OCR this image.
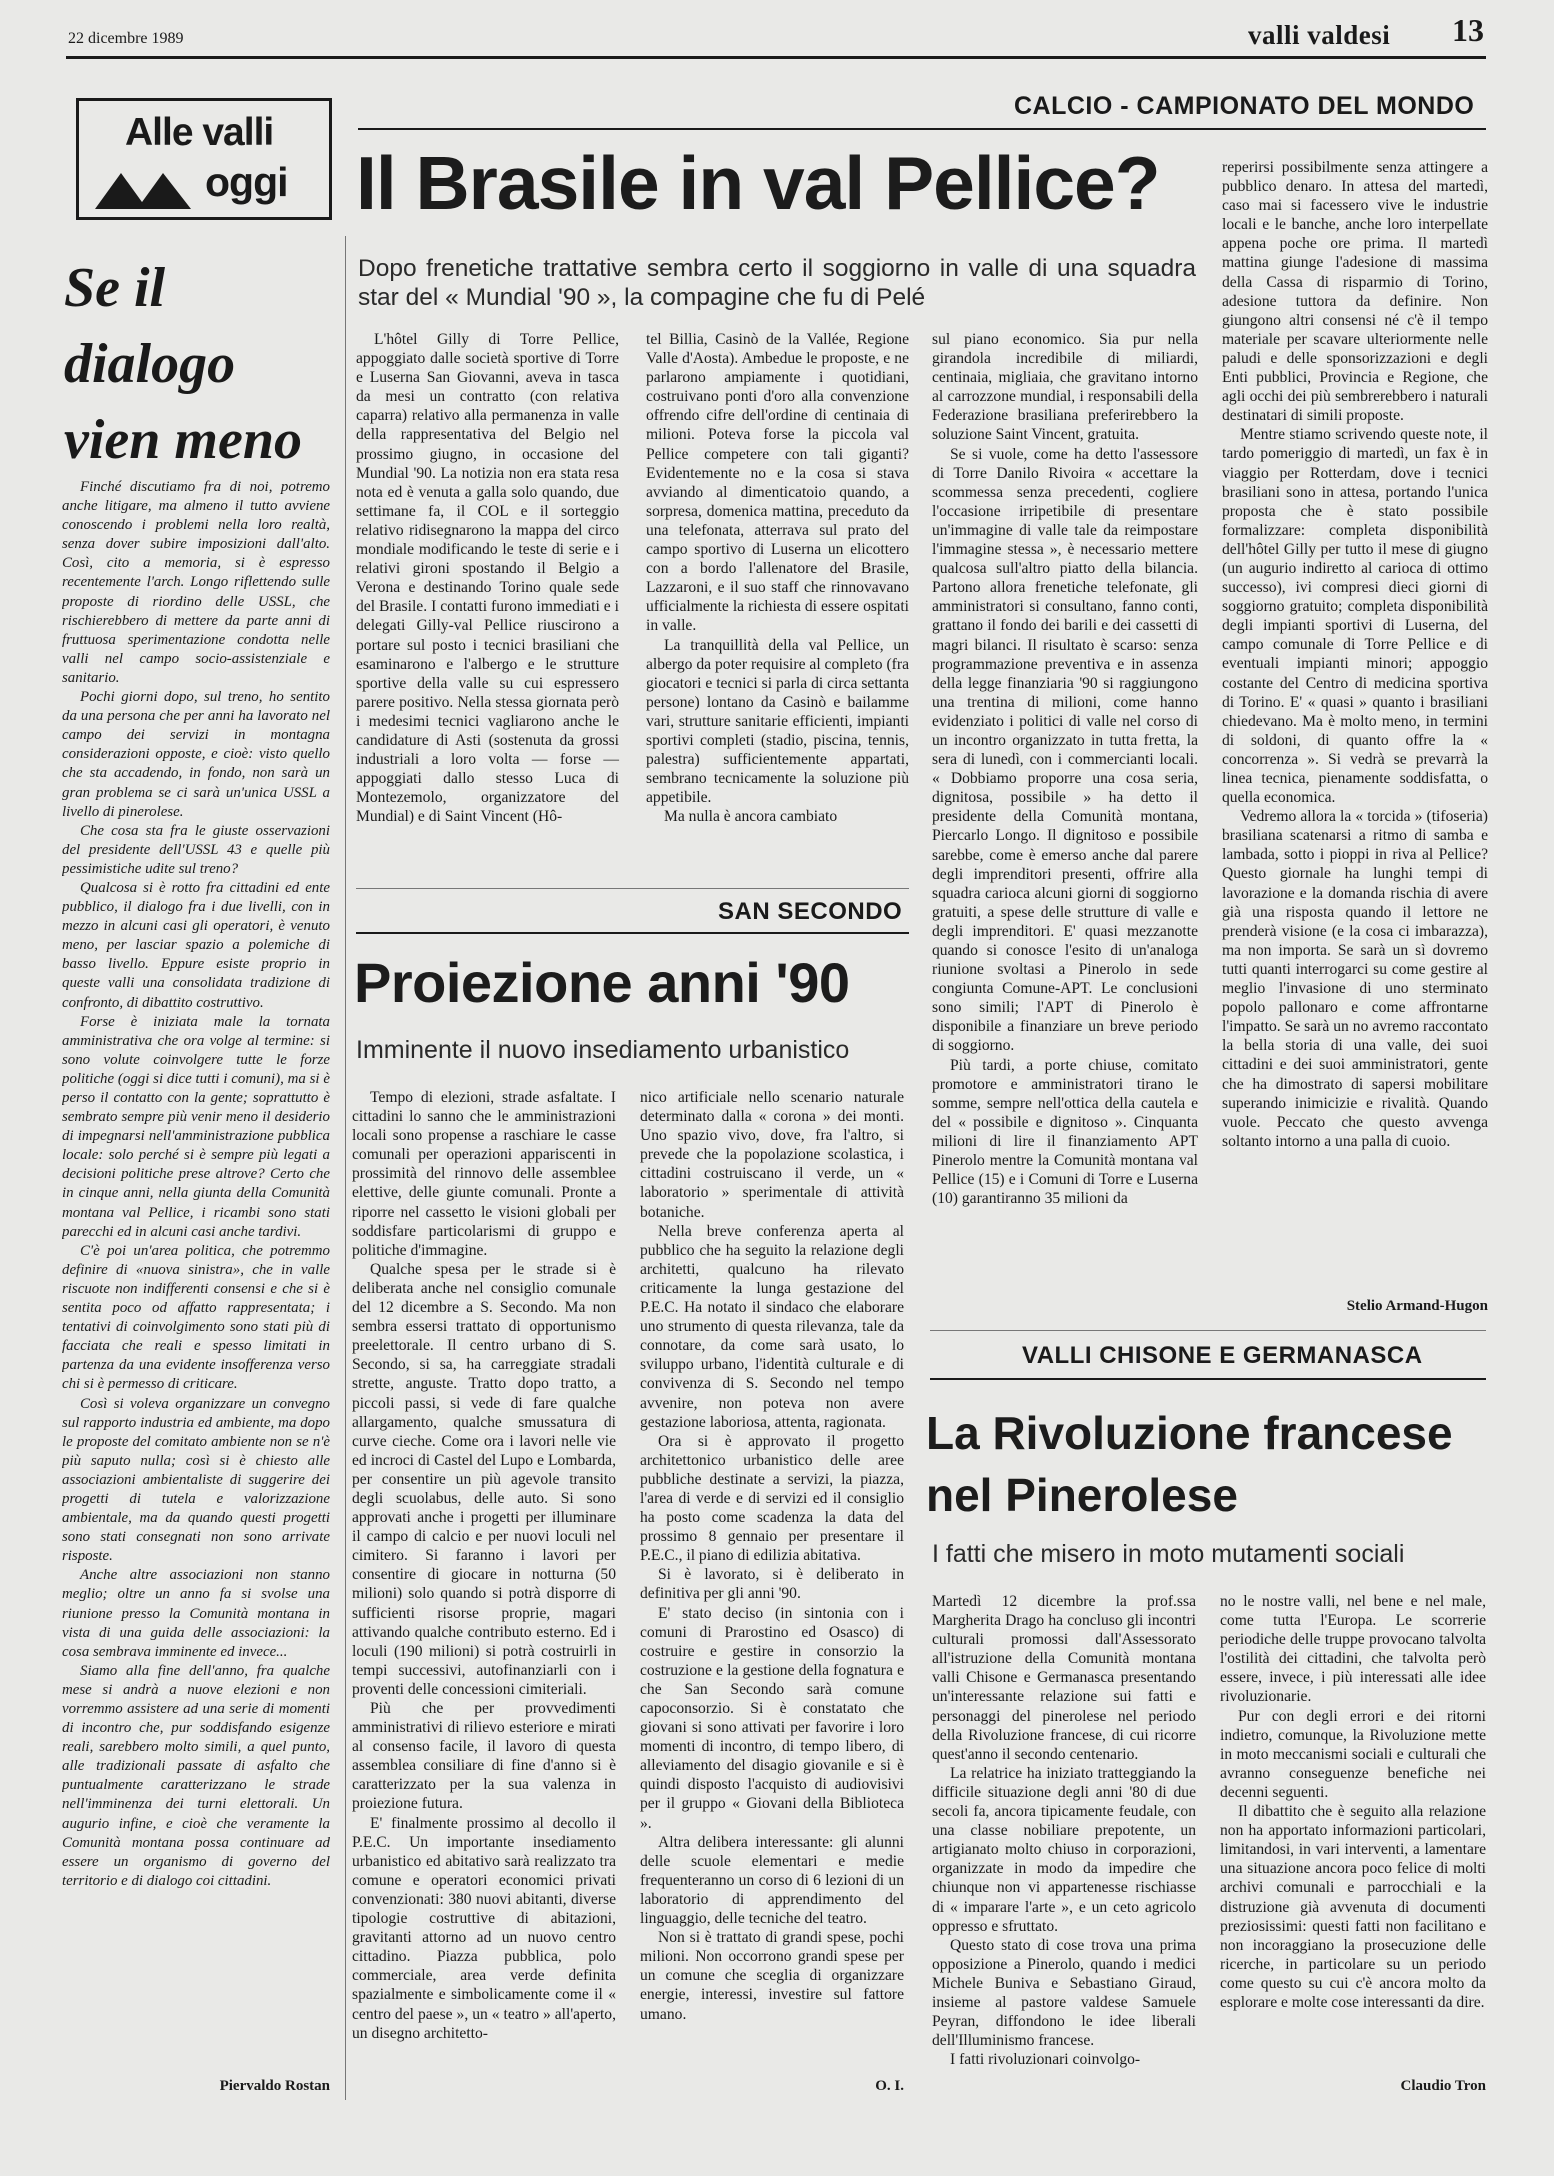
22 dicembre 1989	valli valdesi 13
Alle valli
oggi
Se il
dialogo
vien meno

Finché discutiamo fra di noi, potremo anche litigare, ma almeno il tutto avviene conoscendo i problemi nella loro realtà, senza dover subire imposizioni dall'alto. Così, cito a memoria, si è espresso recentemente l'arch. Longo riflettendo sulle proposte di riordino delle USSL, che rischierebbero di mettere da parte anni di fruttuosa sperimentazione condotta nelle valli nel campo socio-assistenziale e sanitario.

Pochi giorni dopo, sul treno, ho sentito da una persona che per anni ha lavorato nel campo dei servizi in montagna considerazioni opposte, e cioè: visto quello che sta accadendo, in fondo, non sarà un gran problema se ci sarà un'unica USSL a livello di pinerolese.

Che cosa sta fra le giuste osservazioni del presidente dell'USSL 43 e quelle più pessimistiche udite sul treno?

Qualcosa si è rotto fra cittadini ed ente pubblico, il dialogo fra i due livelli, con in mezzo in alcuni casi gli operatori, è venuto meno, per lasciar spazio a polemiche di basso livello. Eppure esiste proprio in queste valli una consolidata tradizione di confronto, di dibattito costruttivo.

Forse è iniziata male la tornata amministrativa che ora volge al termine: si sono volute coinvolgere tutte le forze politiche (oggi si dice tutti i comuni), ma si è perso il contatto con la gente; soprattutto è sembrato sempre più venir meno il desiderio di impegnarsi nell'amministrazione pubblica locale: solo perché si è sempre più legati a decisioni politiche prese altrove? Certo che in cinque anni, nella giunta della Comunità montana val Pellice, i ricambi sono stati parecchi ed in alcuni casi anche tardivi.

C'è poi un'area politica, che potremmo definire di «nuova sinistra», che in valle riscuote non indifferenti consensi e che si è sentita poco od affatto rappresentata; i tentativi di coinvolgimento sono stati più di facciata che reali e spesso limitati in partenza da una evidente insofferenza verso chi si è permesso di criticare.

Così si voleva organizzare un convegno sul rapporto industria ed ambiente, ma dopo le proposte del comitato ambiente non se n'è più saputo nulla; così si è chiesto alle associazioni ambientaliste di suggerire dei progetti di tutela e valorizzazione ambientale, ma da quando questi progetti sono stati consegnati non sono arrivate risposte.

Anche altre associazioni non stanno meglio; oltre un anno fa si svolse una riunione presso la Comunità montana in vista di una guida delle associazioni: la cosa sembrava imminente ed invece...

Siamo alla fine dell'anno, fra qualche mese si andrà a nuove elezioni e non vorremmo assistere ad una serie di momenti di incontro che, pur soddisfando esigenze reali, sarebbero molto simili, a quel punto, alle tradizionali passate di asfalto che puntualmente caratterizzano le strade nell'imminenza dei turni elettorali. Un augurio infine, e cioè che veramente la Comunità montana possa continuare ad essere un organismo di governo del territorio e di dialogo coi cittadini.

Piervaldo Rostan
CALCIO - CAMPIONATO DEL MONDO
Il Brasile in val Pellice?
Dopo frenetiche trattative sembra certo il soggiorno in valle di una squadra star del « Mundial '90 », la compagine che fu di Pelé

L'hôtel Gilly di Torre Pellice, appoggiato dalle società sportive di Torre e Luserna San Giovanni, aveva in tasca da mesi un contratto (con relativa caparra) relativo alla permanenza in valle della rappresentativa del Belgio nel prossimo giugno, in occasione del Mundial '90. La notizia non era stata resa nota ed è venuta a galla solo quando, due settimane fa, il COL e il sorteggio relativo ridisegnarono la mappa del circo mondiale modificando le teste di serie e i relativi gironi spostando il Belgio a Verona e destinando Torino quale sede del Brasile. I contatti furono immediati e i delegati Gilly-val Pellice riuscirono a portare sul posto i tecnici brasiliani che esaminarono e l'albergo e le strutture sportive della valle su cui espressero parere positivo. Nella stessa giornata però i medesimi tecnici vagliarono anche le candidature di Asti (sostenuta da grossi industriali a loro volta — forse — appoggiati dallo stesso Luca di Montezemolo, organizzatore del Mundial) e di Saint Vincent (Hô-

tel Billia, Casinò de la Vallée, Regione Valle d'Aosta). Ambedue le proposte, e ne parlarono ampiamente i quotidiani, costruivano ponti d'oro alla convenzione offrendo cifre dell'ordine di centinaia di milioni. Poteva forse la piccola val Pellice competere con tali giganti? Evidentemente no e la cosa si stava avviando al dimenticatoio quando, a sorpresa, domenica mattina, preceduto da una telefonata, atterrava sul prato del campo sportivo di Luserna un elicottero con a bordo l'allenatore del Brasile, Lazzaroni, e il suo staff che rinnovavano ufficialmente la richiesta di essere ospitati in valle.

La tranquillità della val Pellice, un albergo da poter requisire al completo (fra giocatori e tecnici si parla di circa settanta persone) lontano da Casinò e bailamme vari, strutture sanitarie efficienti, impianti sportivi completi (stadio, piscina, tennis, palestra) sufficientemente appartati, sembrano tecnicamente la soluzione più appetibile.

Ma nulla è ancora cambiato

sul piano economico. Sia pur nella girandola incredibile di miliardi, centinaia, migliaia, che gravitano intorno al carrozzone mundial, i responsabili della Federazione brasiliana preferirebbero la soluzione Saint Vincent, gratuita.

Se si vuole, come ha detto l'assessore di Torre Danilo Rivoira « accettare la scommessa senza precedenti, cogliere l'occasione irripetibile di presentare un'immagine di valle tale da reimpostare l'immagine stessa », è necessario mettere qualcosa sull'altro piatto della bilancia. Partono allora frenetiche telefonate, gli amministratori si consultano, fanno conti, grattano il fondo dei barili e dei cassetti di magri bilanci. Il risultato è scarso: senza programmazione preventiva e in assenza della legge finanziaria '90 si raggiungono una trentina di milioni, come hanno evidenziato i politici di valle nel corso di un incontro organizzato in tutta fretta, la sera di lunedì, con i commercianti locali. « Dobbiamo proporre una cosa seria, dignitosa, possibile » ha detto il presidente della Comunità montana, Piercarlo Longo. Il dignitoso e possibile sarebbe, come è emerso anche dal parere degli imprenditori presenti, offrire alla squadra carioca alcuni giorni di soggiorno gratuiti, a spese delle strutture di valle e degli imprenditori. E' quasi mezzanotte quando si conosce l'esito di un'analoga riunione svoltasi a Pinerolo in sede congiunta Comune-APT. Le conclusioni sono simili; l'APT di Pinerolo è disponibile a finanziare un breve periodo di soggiorno.

Più tardi, a porte chiuse, comitato promotore e amministratori tirano le somme, sempre nell'ottica della cautela e del « possibile e dignitoso ». Cinquanta milioni di lire il finanziamento APT Pinerolo mentre la Comunità montana val Pellice (15) e i Comuni di Torre e Luserna (10) garantiranno 35 milioni da

reperirsi possibilmente senza attingere a pubblico denaro. In attesa del martedì, caso mai si facessero vive le industrie locali e le banche, anche loro interpellate appena poche ore prima. Il martedì mattina giunge l'adesione di massima della Cassa di risparmio di Torino, adesione tuttora da definire. Non giungono altri consensi né c'è il tempo materiale per scavare ulteriormente nelle paludi e delle sponsorizzazioni e degli Enti pubblici, Provincia e Regione, che agli occhi dei più sembrerebbero i naturali destinatari di simili proposte.

Mentre stiamo scrivendo queste note, il tardo pomeriggio di martedì, un fax è in viaggio per Rotterdam, dove i tecnici brasiliani sono in attesa, portando l'unica proposta che è stato possibile formalizzare: completa disponibilità dell'hôtel Gilly per tutto il mese di giugno (un augurio indiretto al carioca di ottimo successo), ivi compresi dieci giorni di soggiorno gratuito; completa disponibilità degli impianti sportivi di Luserna, del campo comunale di Torre Pellice e di eventuali impianti minori; appoggio costante del Centro di medicina sportiva di Torino. E' « quasi » quanto i brasiliani chiedevano. Ma è molto meno, in termini di soldoni, di quanto offre la « concorrenza ». Si vedrà se prevarrà la linea tecnica, pienamente soddisfatta, o quella economica.

Vedremo allora la « torcida » (tifoseria) brasiliana scatenarsi a ritmo di samba e lambada, sotto i pioppi in riva al Pellice? Questo giornale ha lunghi tempi di lavorazione e la domanda rischia di avere già una risposta quando il lettore ne prenderà visione (e la cosa ci imbarazza), ma non importa. Se sarà un sì dovremo tutti quanti interrogarci su come gestire al meglio l'invasione di uno sterminato popolo pallonaro e come affrontarne l'impatto. Se sarà un no avremo raccontato la bella storia di una valle, dei suoi cittadini e dei suoi amministratori, gente che ha dimostrato di sapersi mobilitare superando inimicizie e rivalità. Quando vuole. Peccato che questo avvenga soltanto intorno a una palla di cuoio.

Stelio Armand-Hugon
SAN SECONDO
Proiezione anni '90
Imminente il nuovo insediamento urbanistico

Tempo di elezioni, strade asfaltate. I cittadini lo sanno che le amministrazioni locali sono propense a raschiare le casse comunali per operazioni appariscenti in prossimità del rinnovo delle assemblee elettive, delle giunte comunali. Pronte a riporre nel cassetto le visioni globali per soddisfare particolarismi di gruppo e politiche d'immagine.

Qualche spesa per le strade si è deliberata anche nel consiglio comunale del 12 dicembre a S. Secondo. Ma non sembra essersi trattato di opportunismo preelettorale. Il centro urbano di S. Secondo, si sa, ha carreggiate stradali strette, anguste. Tratto dopo tratto, a piccoli passi, si vede di fare qualche allargamento, qualche smussatura di curve cieche. Come ora i lavori nelle vie ed incroci di Castel del Lupo e Lombarda, per consentire un più agevole transito degli scuolabus, delle auto. Si sono approvati anche i progetti per illuminare il campo di calcio e per nuovi loculi nel cimitero. Si faranno i lavori per consentire di giocare in notturna (50 milioni) solo quando si potrà disporre di sufficienti risorse proprie, magari attivando qualche contributo esterno. Ed i loculi (190 milioni) si potrà costruirli in tempi successivi, autofinanziarli con i proventi delle concessioni cimiteriali.

Più che per provvedimenti amministrativi di rilievo esteriore e mirati al consenso facile, il lavoro di questa assemblea consiliare di fine d'anno si è caratterizzato per la sua valenza in proiezione futura.

E' finalmente prossimo al decollo il P.E.C. Un importante insediamento urbanistico ed abitativo sarà realizzato tra comune e operatori economici privati convenzionati: 380 nuovi abitanti, diverse tipologie costruttive di abitazioni, gravitanti attorno ad un nuovo centro cittadino. Piazza pubblica, polo commerciale, area verde definita spazialmente e simbolicamente come il « centro del paese », un « teatro » all'aperto, un disegno architetto-

nico artificiale nello scenario naturale determinato dalla « corona » dei monti. Uno spazio vivo, dove, fra l'altro, si prevede che la popolazione scolastica, i cittadini costruiscano il verde, un « laboratorio » sperimentale di attività botaniche.

Nella breve conferenza aperta al pubblico che ha seguito la relazione degli architetti, qualcuno ha rilevato criticamente la lunga gestazione del P.E.C. Ha notato il sindaco che elaborare uno strumento di questa rilevanza, tale da connotare, da come sarà usato, lo sviluppo urbano, l'identità culturale e di convivenza di S. Secondo nel tempo avvenire, non poteva non avere gestazione laboriosa, attenta, ragionata.

Ora si è approvato il progetto architettonico urbanistico delle aree pubbliche destinate a servizi, la piazza, l'area di verde e di servizi ed il consiglio ha posto come scadenza la data del prossimo 8 gennaio per presentare il P.E.C., il piano di edilizia abitativa.

Si è lavorato, si è deliberato in definitiva per gli anni '90.

E' stato deciso (in sintonia con i comuni di Prarostino ed Osasco) di costruire e gestire in consorzio la costruzione e la gestione della fognatura e che San Secondo sarà comune capoconsorzio. Si è constatato che giovani si sono attivati per favorire i loro momenti di incontro, di tempo libero, di alleviamento del disagio giovanile e si è quindi disposto l'acquisto di audiovisivi per il gruppo « Giovani della Biblioteca ».

Altra delibera interessante: gli alunni delle scuole elementari e medie frequenteranno un corso di 6 lezioni di un laboratorio di apprendimento del linguaggio, delle tecniche del teatro.

Non si è trattato di grandi spese, pochi milioni. Non occorrono grandi spese per un comune che sceglia di organizzare energie, interessi, investire sul fattore umano.

O. I.
VALLI CHISONE E GERMANASCA
La Rivoluzione francese
nel Pinerolese
I fatti che misero in moto mutamenti sociali

Martedì 12 dicembre la prof.ssa Margherita Drago ha concluso gli incontri culturali promossi dall'Assessorato all'istruzione della Comunità montana valli Chisone e Germanasca presentando un'interessante relazione sui fatti e personaggi del pinerolese nel periodo della Rivoluzione francese, di cui ricorre quest'anno il secondo centenario.

La relatrice ha iniziato tratteggiando la difficile situazione degli anni '80 di due secoli fa, ancora tipicamente feudale, con una classe nobiliare prepotente, un artigianato molto chiuso in corporazioni, organizzate in modo da impedire che chiunque non vi appartenesse rischiasse di « imparare l'arte », e un ceto agricolo oppresso e sfruttato.

Questo stato di cose trova una prima opposizione a Pinerolo, quando i medici Michele Buniva e Sebastiano Giraud, insieme al pastore valdese Samuele Peyran, diffondono le idee liberali dell'Illuminismo francese.

I fatti rivoluzionari coinvolgo-

no le nostre valli, nel bene e nel male, come tutta l'Europa. Le scorrerie periodiche delle truppe provocano talvolta l'ostilità dei cittadini, che talvolta però essere, invece, i più interessati alle idee rivoluzionarie.

Pur con degli errori e dei ritorni indietro, comunque, la Rivoluzione mette in moto meccanismi sociali e culturali che avranno conseguenze benefiche nei decenni seguenti.

Il dibattito che è seguito alla relazione non ha apportato informazioni particolari, limitandosi, in vari interventi, a lamentare una situazione ancora poco felice di molti archivi comunali e parrocchiali e la distruzione già avvenuta di documenti preziosissimi: questi fatti non facilitano e non incoraggiano la prosecuzione delle ricerche, in particolare su un periodo come questo su cui c'è ancora molto da esplorare e molte cose interessanti da dire.

Claudio Tron
